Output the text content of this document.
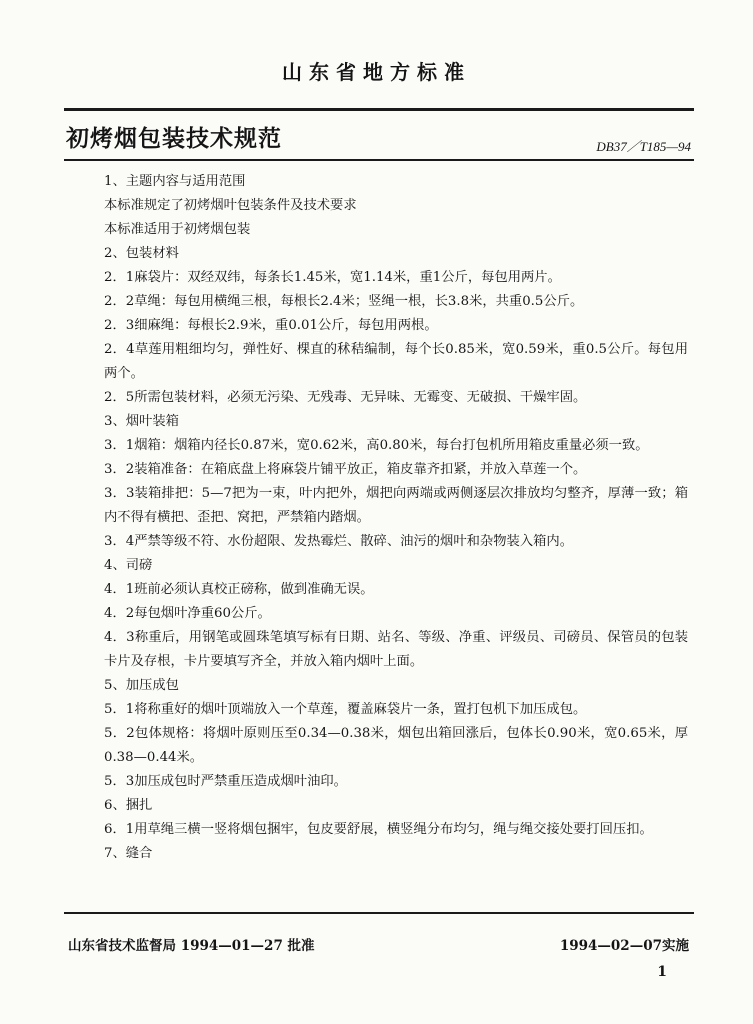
山东省地方标准
初烤烟包装技术规范	DB37／T185—94
1、主题内容与适用范围
本标准规定了初烤烟叶包装条件及技术要求
本标准适用于初烤烟包装
2、包装材料
2．1麻袋片：双经双纬，每条长1.45米，宽1.14米，重1公斤，每包用两片。
2．2草绳：每包用横绳三根，每根长2.4米；竖绳一根，长3.8米，共重0.5公斤。
2．3细麻绳：每根长2.9米，重0.01公斤，每包用两根。
2．4草莲用粗细均匀，弹性好、棵直的秫秸编制，每个长0.85米，宽0.59米，重0.5公斤。每包用两个。
2．5所需包装材料，必须无污染、无残毒、无异味、无霉变、无破损、干燥牢固。
3、烟叶装箱
3．1烟箱：烟箱内径长0.87米，宽0.62米，高0.80米，每台打包机所用箱皮重量必须一致。
3．2装箱准备：在箱底盘上将麻袋片铺平放正，箱皮靠齐扣紧，并放入草莲一个。
3．3装箱排把：5—7把为一束，叶内把外，烟把向两端或两侧逐层次排放均匀整齐，厚薄一致；箱内不得有横把、歪把、窝把，严禁箱内踏烟。
3．4严禁等级不符、水份超限、发热霉烂、散碎、油污的烟叶和杂物装入箱内。
4、司磅
4．1班前必须认真校正磅称，做到准确无误。
4．2每包烟叶净重60公斤。
4．3称重后，用钢笔或圆珠笔填写标有日期、站名、等级、净重、评级员、司磅员、保管员的包装卡片及存根，卡片要填写齐全，并放入箱内烟叶上面。
5、加压成包
5．1将称重好的烟叶顶端放入一个草莲，覆盖麻袋片一条，置打包机下加压成包。
5．2包体规格：将烟叶原则压至0.34—0.38米，烟包出箱回涨后，包体长0.90米，宽0.65米，厚0.38—0.44米。
5．3加压成包时严禁重压造成烟叶油印。
6、捆扎
6．1用草绳三横一竖将烟包捆牢，包皮要舒展，横竖绳分布均匀，绳与绳交接处要打回压扣。
7、缝合
山东省技术监督局 1994—01—27 批准	1994—02—07实施
1
